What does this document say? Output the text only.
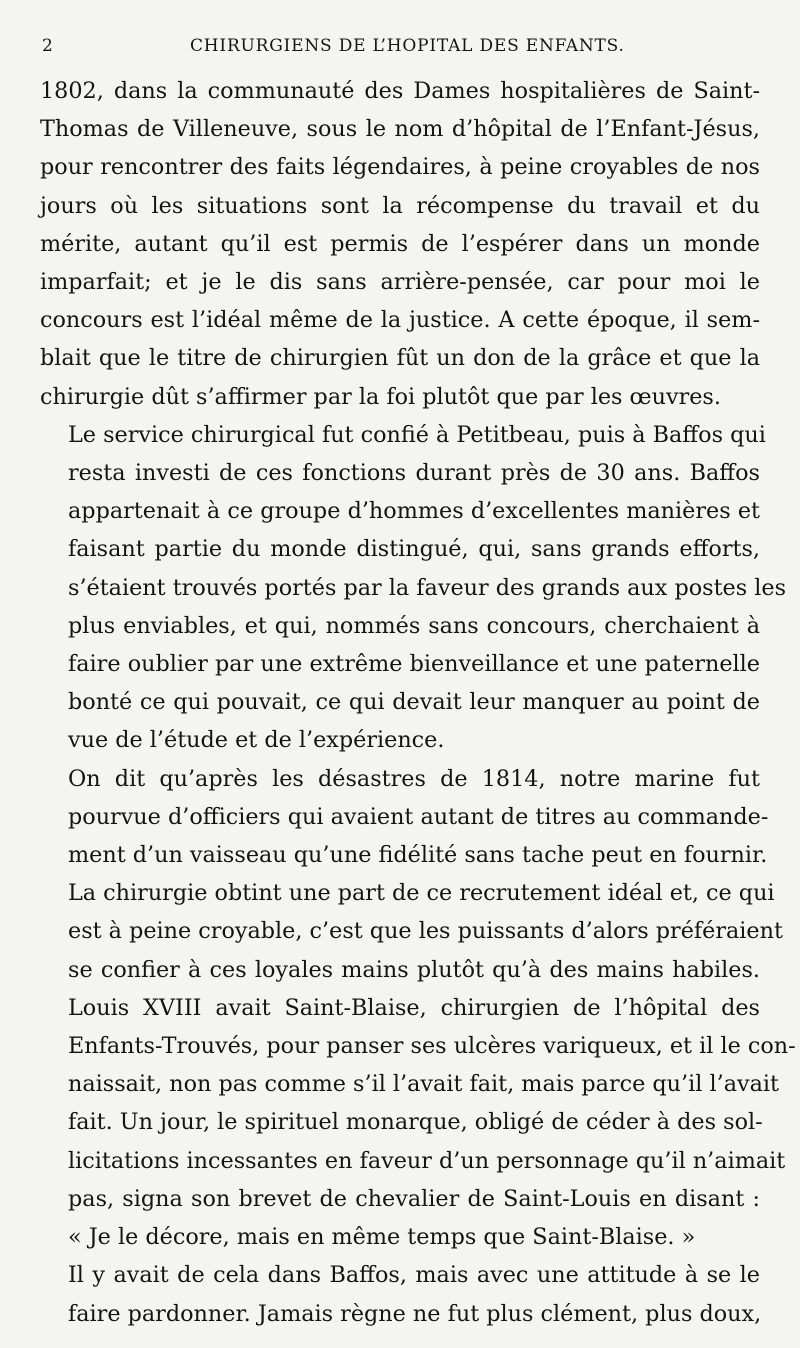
2	CHIRURGIENS DE L’HOPITAL DES ENFANTS.

1802, dans la communauté des Dames hospitalières de Saint-
Thomas de Villeneuve, sous le nom d’hôpital de l’Enfant-Jésus,
pour rencontrer des faits légendaires, à peine croyables de nos
jours où les situations sont la récompense du travail et du
mérite, autant qu’il est permis de l’espérer dans un monde
imparfait; et je le dis sans arrière-pensée, car pour moi le
concours est l’idéal même de la justice. A cette époque, il sem-
blait que le titre de chirurgien fût un don de la grâce et que la
chirurgie dût s’affirmer par la foi plutôt que par les œuvres.

Le service chirurgical fut confié à Petitbeau, puis à Baffos qui
resta investi de ces fonctions durant près de 30 ans. Baffos
appartenait à ce groupe d’hommes d’excellentes manières et
faisant partie du monde distingué, qui, sans grands efforts,
s’étaient trouvés portés par la faveur des grands aux postes les
plus enviables, et qui, nommés sans concours, cherchaient à
faire oublier par une extrême bienveillance et une paternelle
bonté ce qui pouvait, ce qui devait leur manquer au point de
vue de l’étude et de l’expérience.

On dit qu’après les désastres de 1814, notre marine fut
pourvue d’officiers qui avaient autant de titres au commande-
ment d’un vaisseau qu’une fidélité sans tache peut en fournir.
La chirurgie obtint une part de ce recrutement idéal et, ce qui
est à peine croyable, c’est que les puissants d’alors préféraient
se confier à ces loyales mains plutôt qu’à des mains habiles.
Louis XVIII avait Saint-Blaise, chirurgien de l’hôpital des
Enfants-Trouvés, pour panser ses ulcères variqueux, et il le con-
naissait, non pas comme s’il l’avait fait, mais parce qu’il l’avait
fait. Un jour, le spirituel monarque, obligé de céder à des sol-
licitations incessantes en faveur d’un personnage qu’il n’aimait
pas, signa son brevet de chevalier de Saint-Louis en disant :
« Je le décore, mais en même temps que Saint-Blaise. »

Il y avait de cela dans Baffos, mais avec une attitude à se le
faire pardonner. Jamais règne ne fut plus clément, plus doux,
